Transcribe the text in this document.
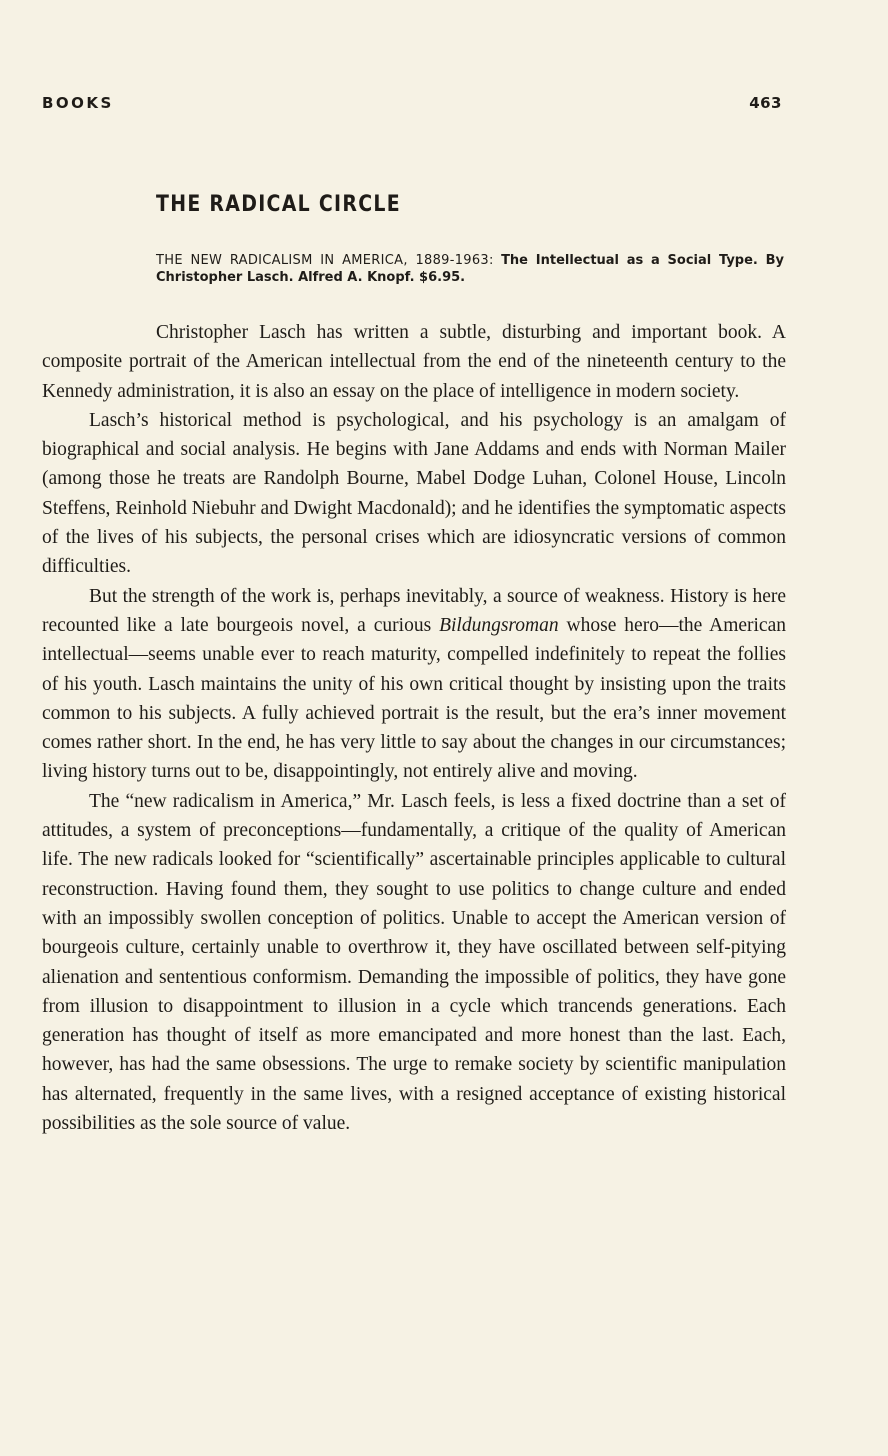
BOOKS	463
THE RADICAL CIRCLE

THE NEW RADICALISM IN AMERICA, 1889-1963: The Intellectual as a Social Type. By Christopher Lasch. Alfred A. Knopf. $6.95.

Christopher Lasch has written a subtle, disturbing and important book. A composite portrait of the American intellectual from the end of the nineteenth century to the Kennedy administration, it is also an essay on the place of intelligence in modern society.

Lasch’s historical method is psychological, and his psychology is an amalgam of biographical and social analysis. He begins with Jane Addams and ends with Norman Mailer (among those he treats are Randolph Bourne, Mabel Dodge Luhan, Colonel House, Lincoln Steffens, Reinhold Niebuhr and Dwight Macdonald); and he identifies the symptomatic aspects of the lives of his subjects, the personal crises which are idiosyncratic versions of common difficulties.

But the strength of the work is, perhaps inevitably, a source of weakness. History is here recounted like a late bourgeois novel, a curious Bildungsroman whose hero—the American intellectual—seems unable ever to reach maturity, compelled indefinitely to repeat the follies of his youth. Lasch maintains the unity of his own critical thought by insisting upon the traits common to his subjects. A fully achieved portrait is the result, but the era’s inner movement comes rather short. In the end, he has very little to say about the changes in our circumstances; living history turns out to be, disappointingly, not entirely alive and moving.

The “new radicalism in America,” Mr. Lasch feels, is less a fixed doctrine than a set of attitudes, a system of preconceptions—fundamentally, a critique of the quality of American life. The new radicals looked for “scientifically” ascertainable principles applicable to cultural reconstruction. Having found them, they sought to use politics to change culture and ended with an impossibly swollen conception of politics. Unable to accept the American version of bourgeois culture, certainly unable to overthrow it, they have oscillated between self-pitying alienation and sententious conformism. Demanding the impossible of politics, they have gone from illusion to disappointment to illusion in a cycle which trancends generations. Each generation has thought of itself as more emancipated and more honest than the last. Each, however, has had the same obsessions. The urge to remake society by scientific manipulation has alternated, frequently in the same lives, with a resigned acceptance of existing historical possibilities as the sole source of value.
